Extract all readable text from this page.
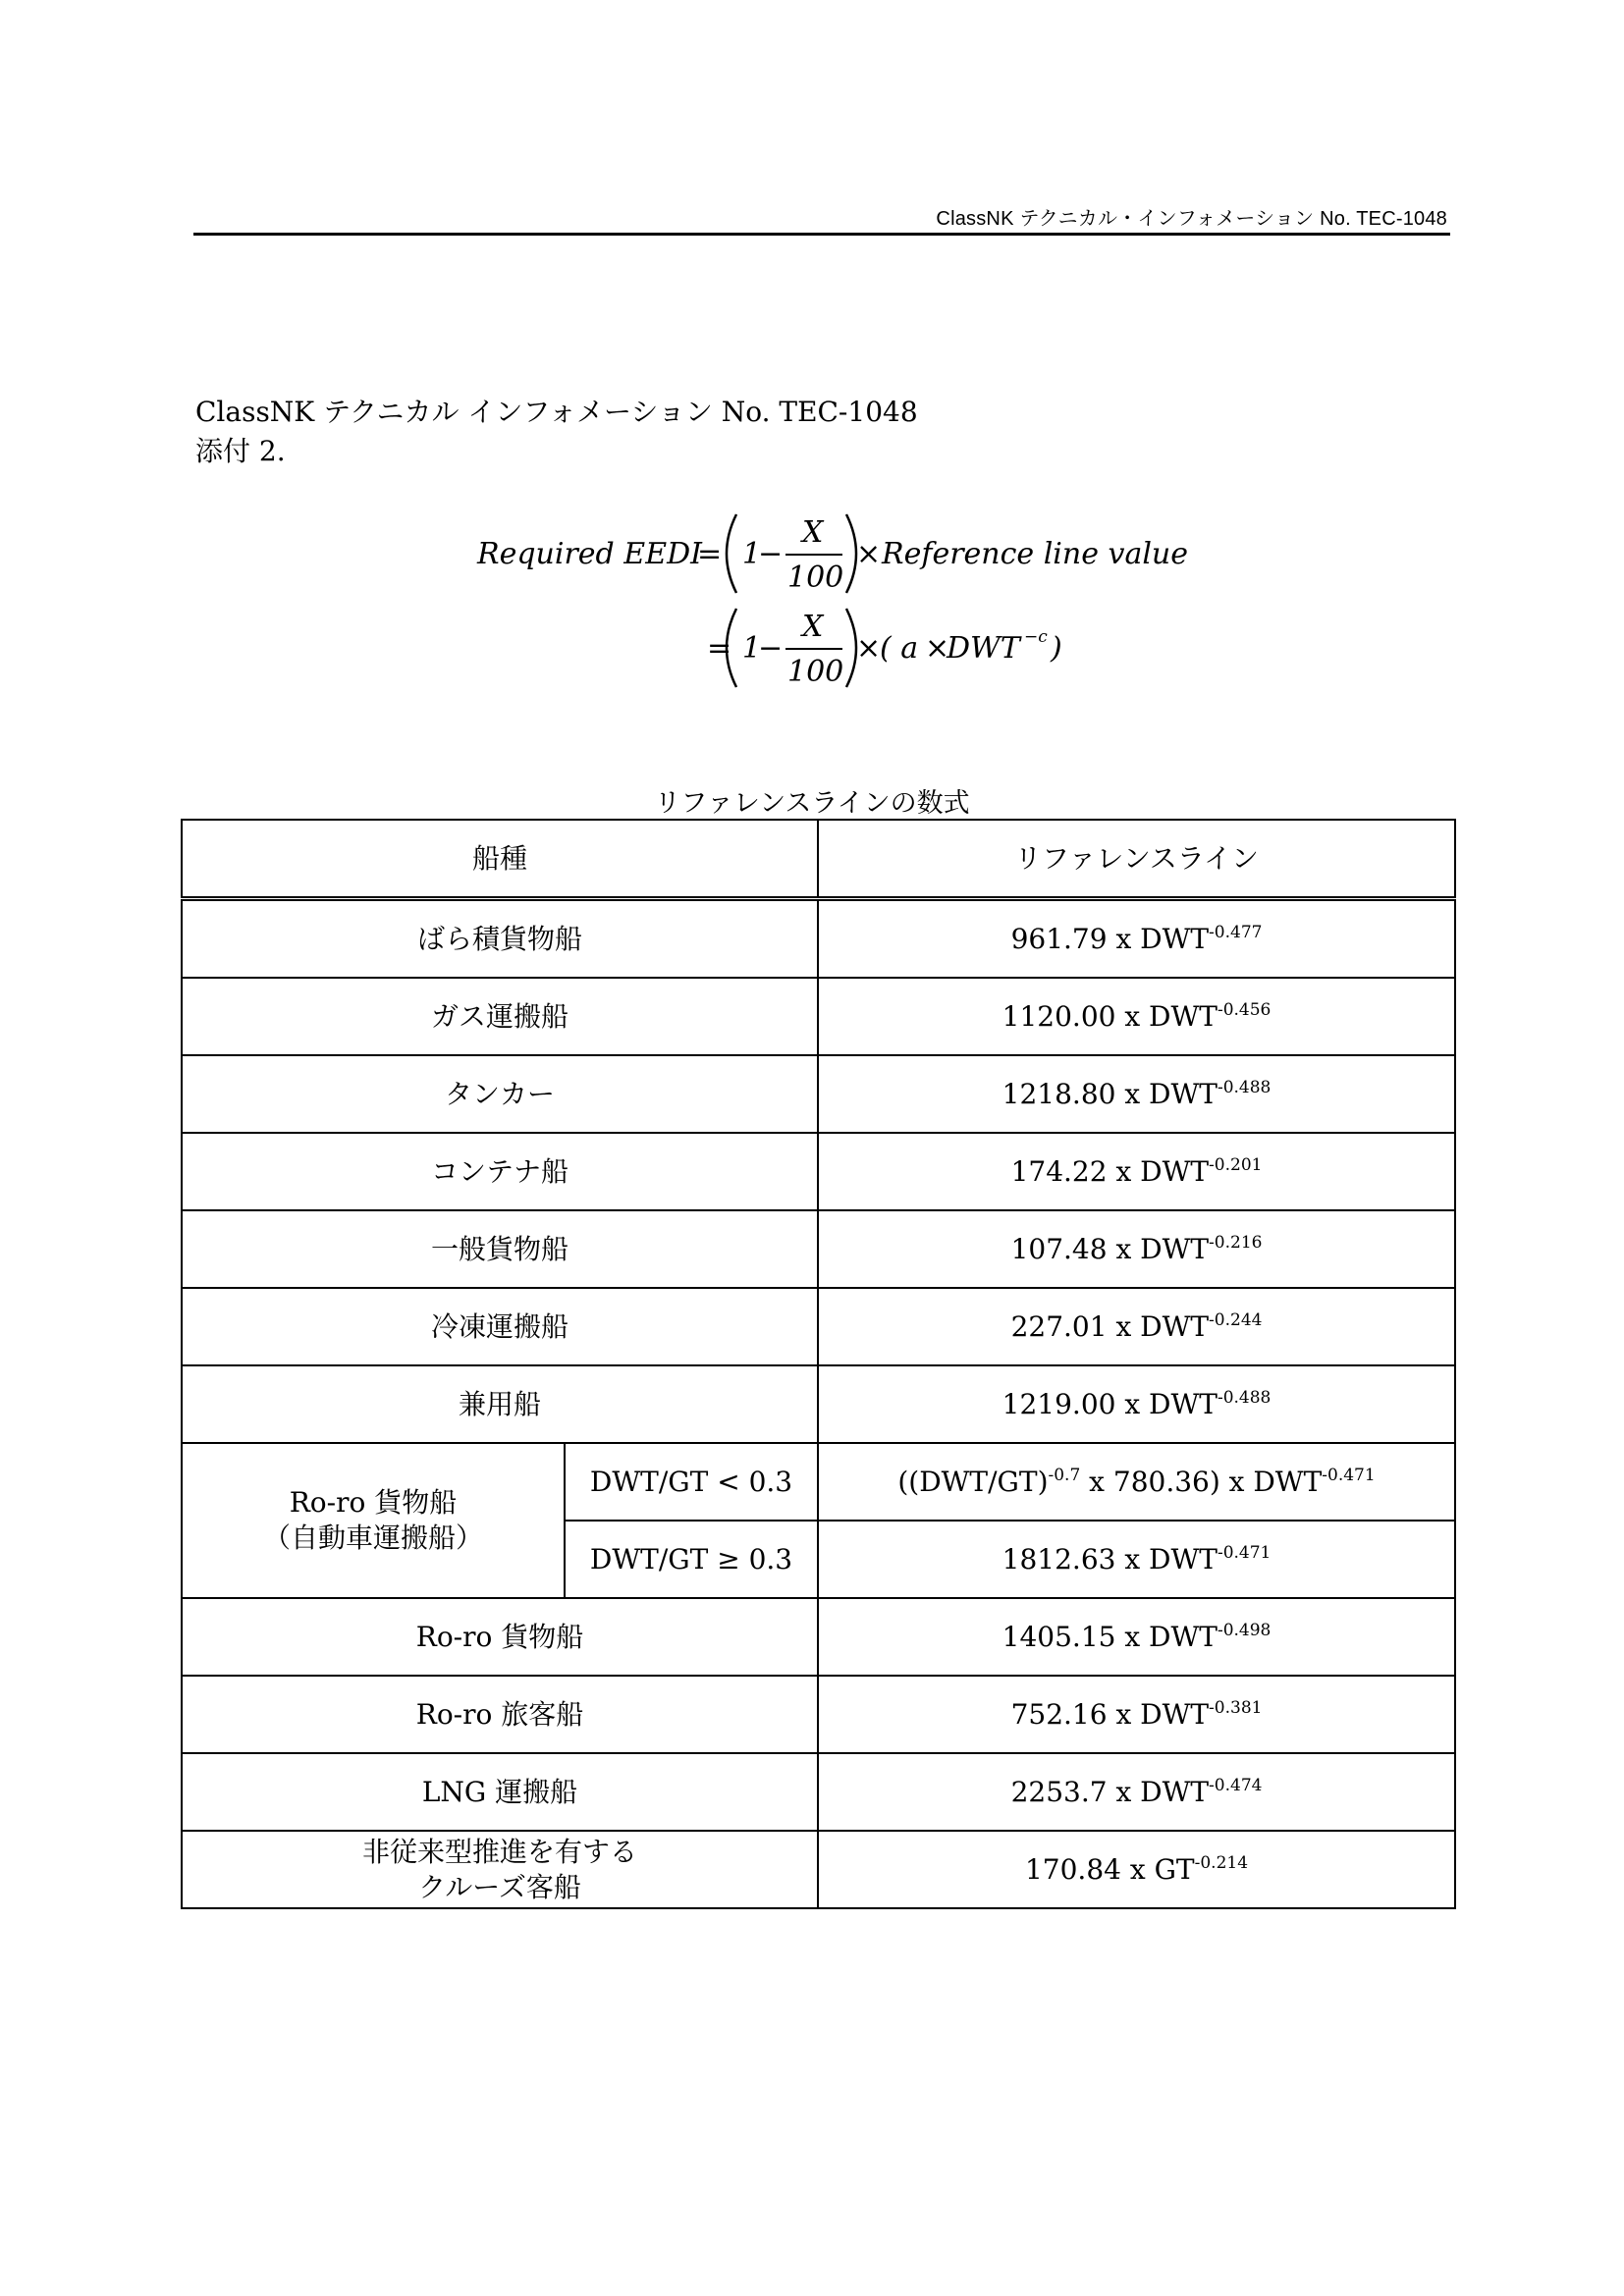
ClassNK テクニカル・インフォメーション No. TEC-1048
ClassNK テクニカル インフォメーション No. TEC-1048
添付 2.
Required EEDI
= 1
−
X
100
× Reference line value
= 1
−
X
100
×
( a ×
DWT −c )
リファレンスラインの数式
船種		リファレンスライン
ばら積貨物船		961.79 x $DWT^{-0.477}$
ガス運搬船		1120.00 x $DWT^{-0.456}$
タンカー		1218.80 x $DWT^{-0.488}$
コンテナ船		174.22 x $DWT^{-0.201}$
一般貨物船		107.48 x $DWT^{-0.216}$
冷凍運搬船		227.01 x $DWT^{-0.244}$
兼用船		1219.00 x $DWT^{-0.488}$

Ro-ro 貨物船
（自動車運搬船）	DWT/GT < 0.3	($(DWT/GT)^{-0.7}$ x 780.36) x $DWT^{-0.471}$
	DWT/GT ≥ 0.3	1812.63 x $DWT^{-0.471}$
Ro-ro 貨物船		1405.15 x $DWT^{-0.498}$
Ro-ro 旅客船		752.16 x $DWT^{-0.381}$
LNG 運搬船		2253.7 x $DWT^{-0.474}$

非従来型推進を有する
クルーズ客船		170.84 x $GT^{-0.214}$
